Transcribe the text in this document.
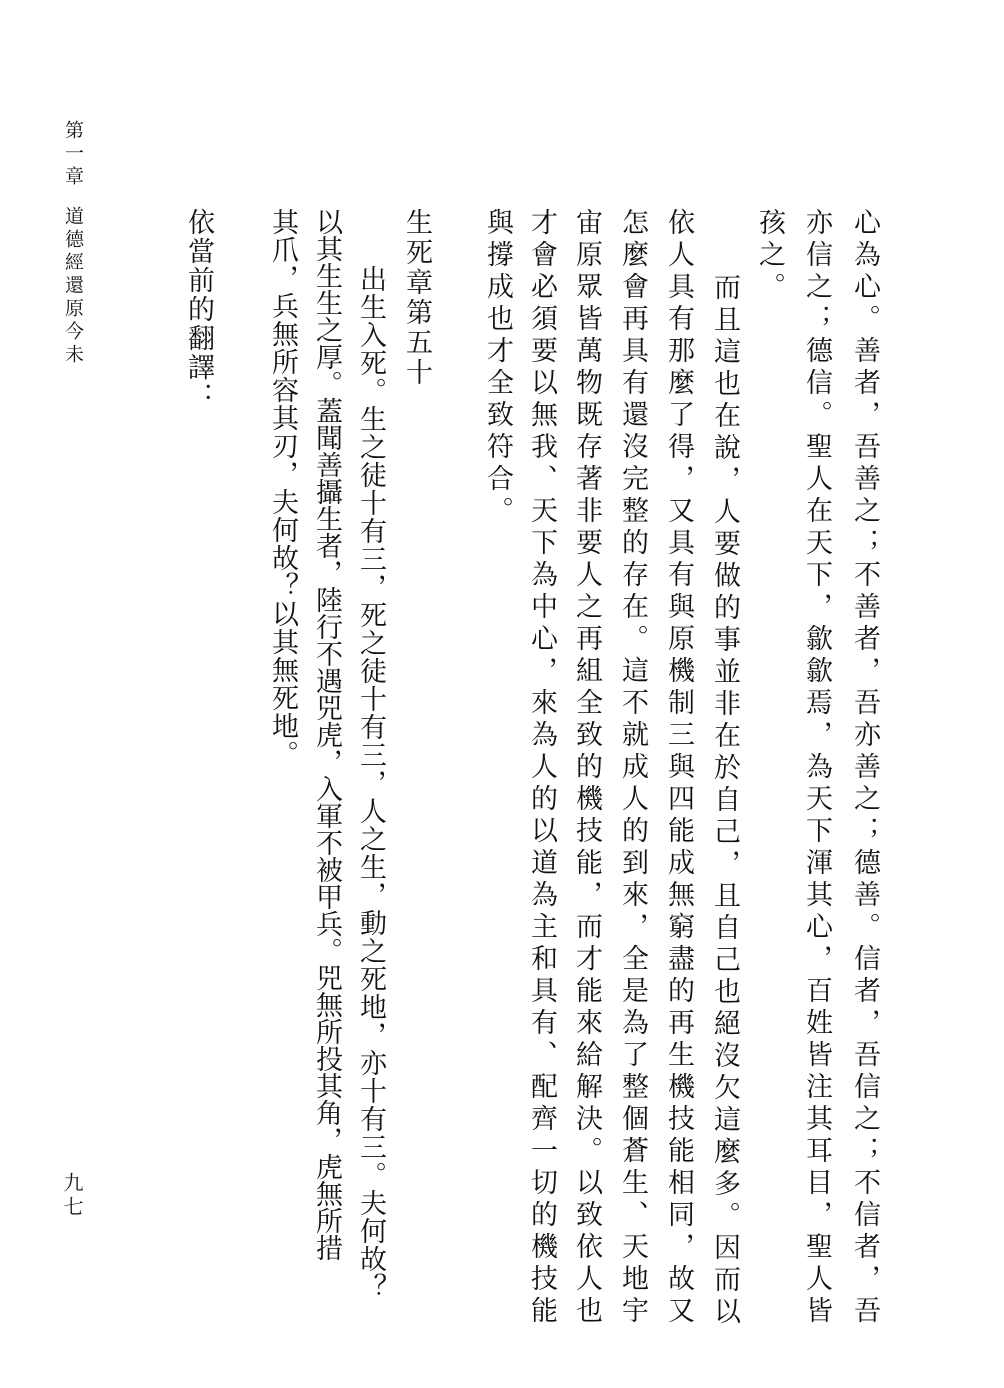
第一章
道德經還原今未
九七	心為心。善者，吾善之；不善者，吾亦善之；德善。信者，吾信之；不信者，吾
亦信之；德信。聖人在天下，歙歙焉，為天下渾其心，百姓皆注其耳目，聖人皆
孩之。
而且這也在說，人要做的事並非在於自己，且自己也絕沒欠這麼多。因而以
依人具有那麼了得，又具有與原機制三與四能成無窮盡的再生機技能相同，故又
怎麼會再具有還沒完整的存在。這不就成人的到來，全是為了整個蒼生、天地宇
宙原眾皆萬物既存著非要人之再組全致的機技能，而才能來給解決。以致依人也
才會必須要以無我、天下為中心，來為人的以道為主和具有、配齊一切的機技能
與撐成也才全致符合。
生死章第五十
出生入死。生之徒十有三，死之徒十有三，人之生，動之死地，亦十有三。夫何故？
以其生生之厚。蓋聞善攝生者，陸行不遇兕虎，入軍不被甲兵。兕無所投其角，虎無所措
其爪，兵無所容其刃，夫何故？以其無死地。
依當前的翻譯：
